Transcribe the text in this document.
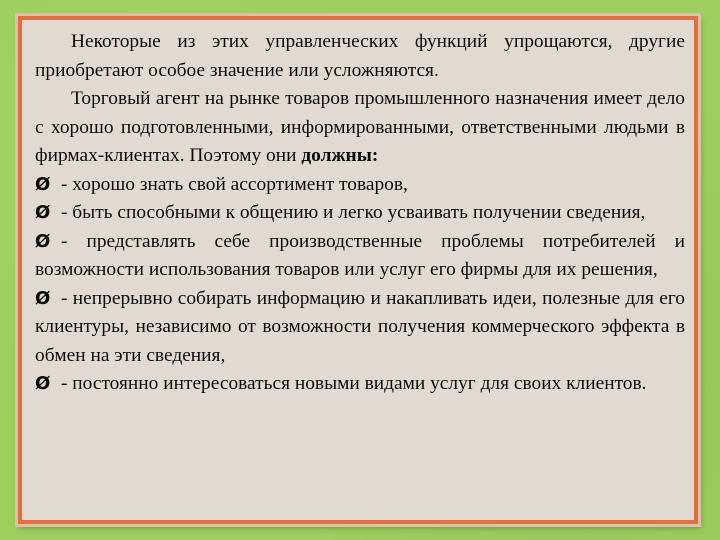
Некоторые из этих управленческих функций упрощаются, другие приобретают особое значение или усложняются.

Торговый агент на рынке товаров промышленного назначения имеет дело с хорошо подготовленными, информированными, ответственными людьми в фирмах-клиентах. Поэтому они должны:

Ø - хорошо знать свой ассортимент товаров,

Ø - быть способными к общению и легко усваивать получении сведения,

Ø - представлять себе производственные проблемы потребителей и возможности использования товаров или услуг его фирмы для их решения,

Ø - непрерывно собирать информацию и накапливать идеи, полезные для его клиентуры, независимо от возможности получения коммерческого эффекта в обмен на эти сведения,

Ø - постоянно интересоваться новыми видами услуг для своих клиентов.
